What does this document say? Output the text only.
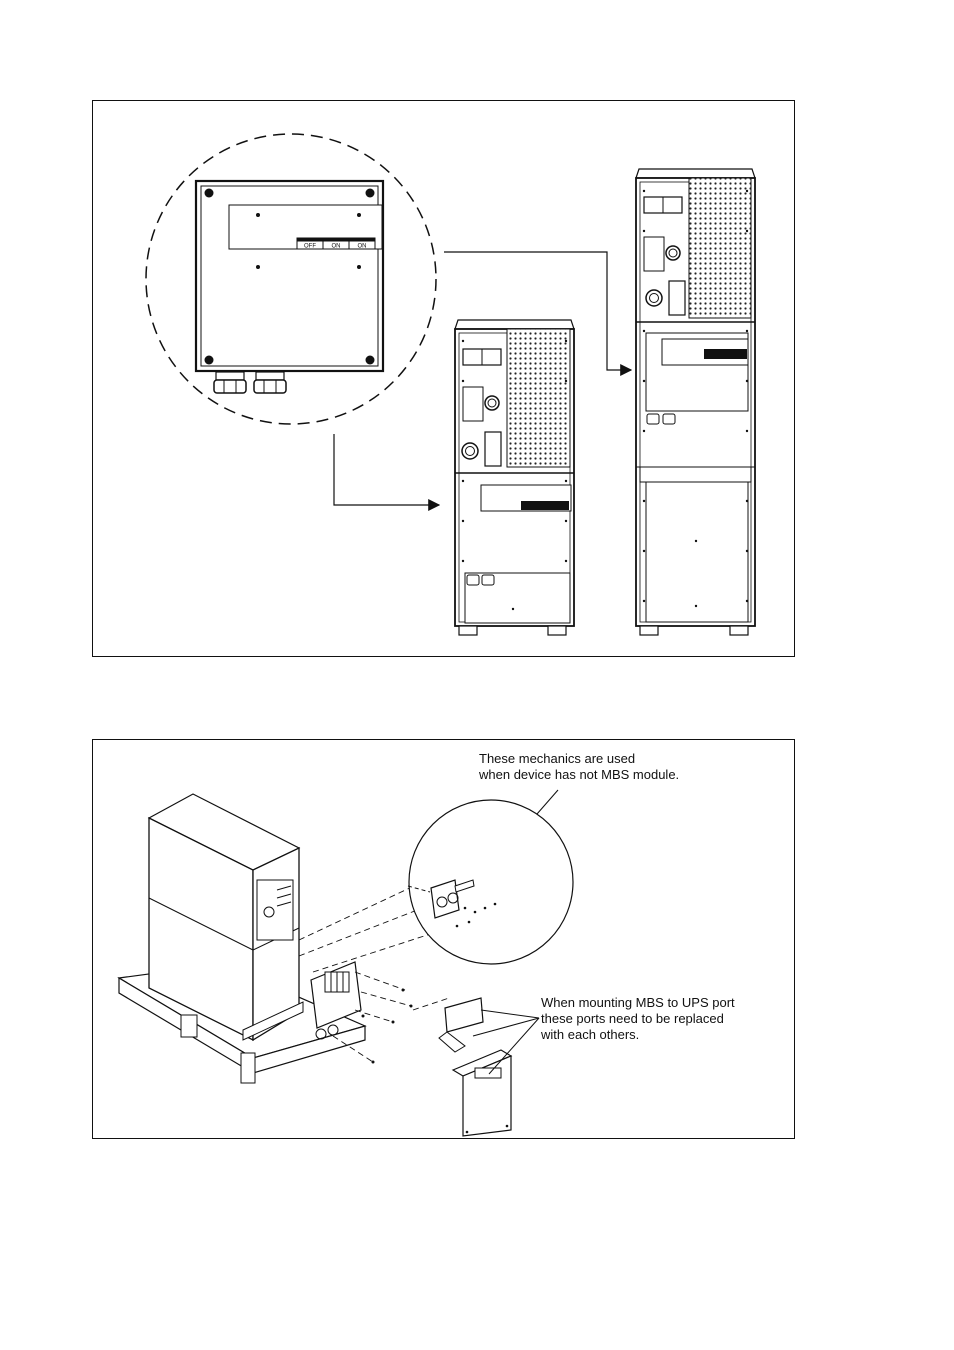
OFF	ON	ON
These mechanics are used
when device has not MBS module.
When mounting MBS to UPS port
these ports need to be replaced
with each others.
